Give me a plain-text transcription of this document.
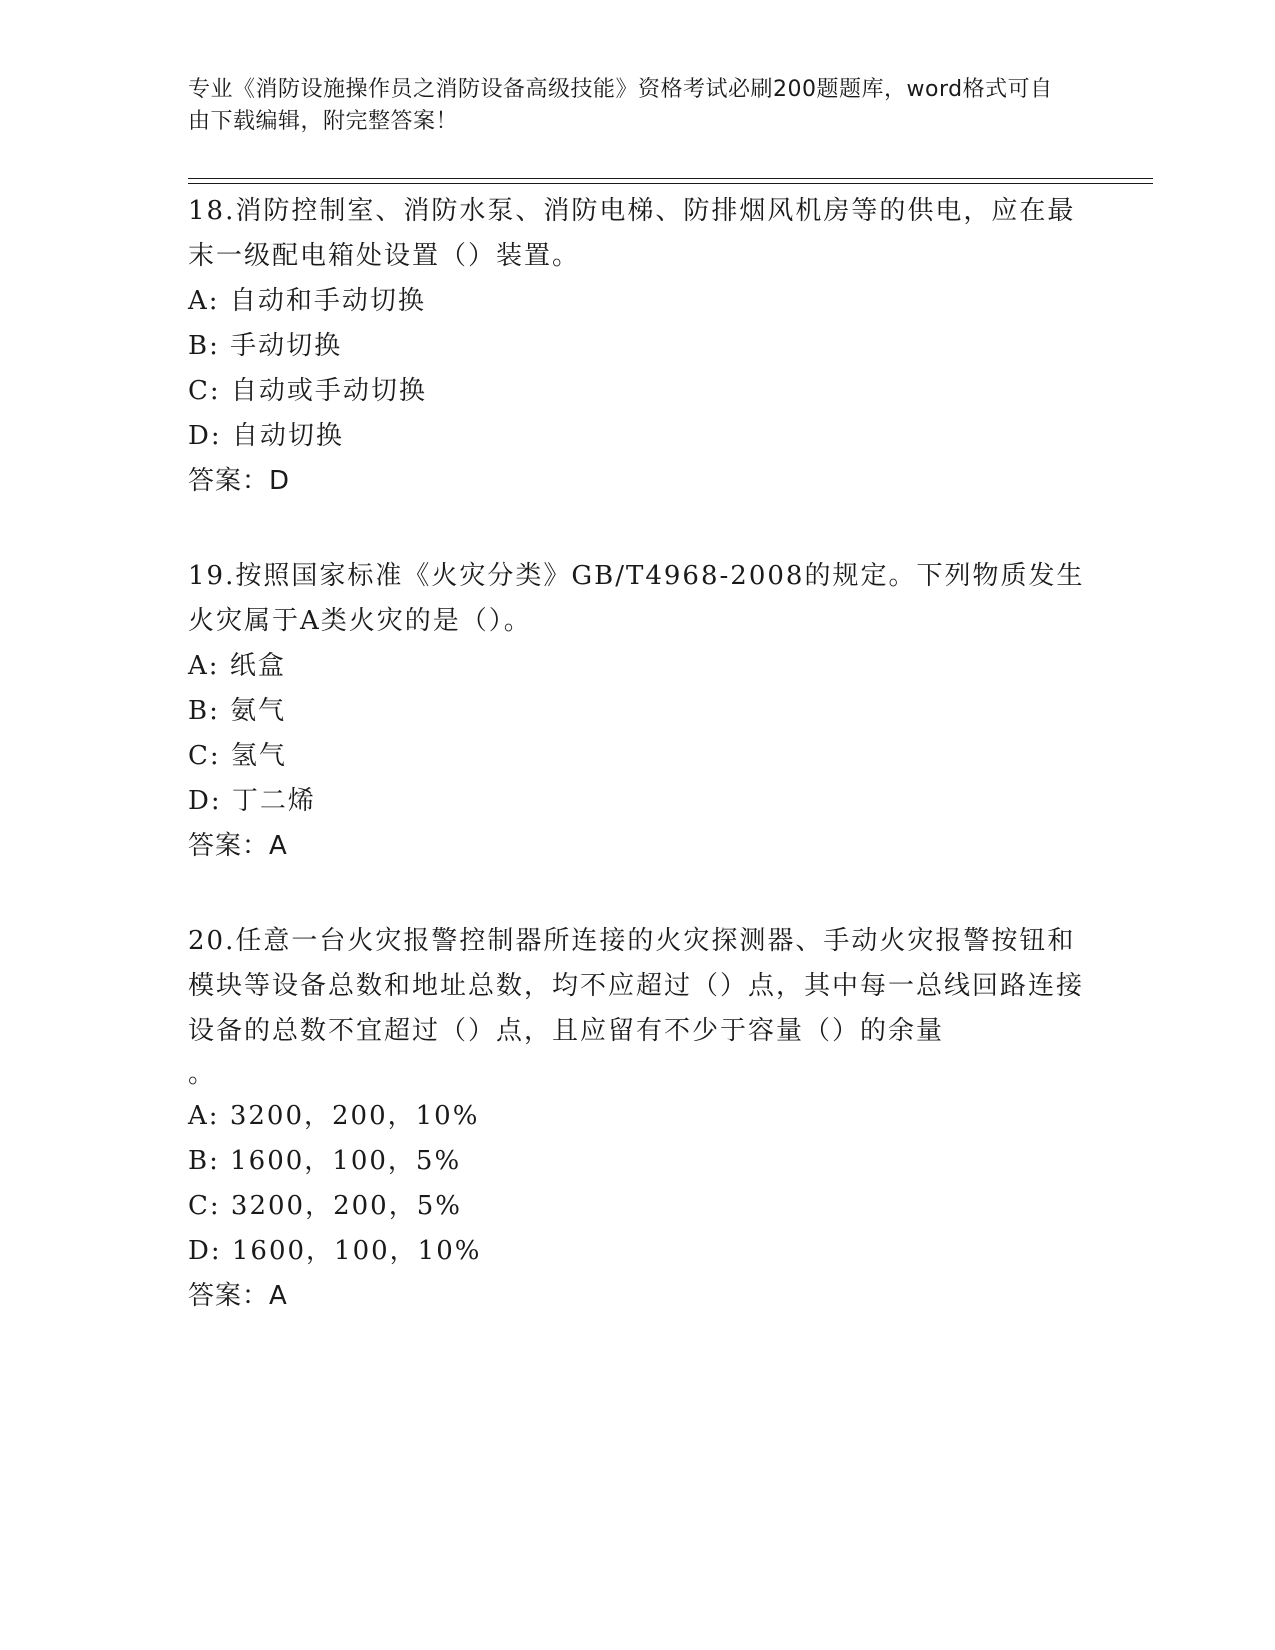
专业《消防设施操作员之消防设备高级技能》资格考试必刷200题题库，word格式可自由下载编辑，附完整答案！

18.消防控制室、消防水泵、消防电梯、防排烟风机房等的供电，应在最末一级配电箱处设置（）装置。
A: 自动和手动切换
B: 手动切换
C: 自动或手动切换
D: 自动切换
答案：D
19.按照国家标准《火灾分类》GB/T4968-2008的规定。下列物质发生火灾属于A类火灾的是（）。
A: 纸盒
B: 氨气
C: 氢气
D: 丁二烯
答案：A
20.任意一台火灾报警控制器所连接的火灾探测器、手动火灾报警按钮和模块等设备总数和地址总数，均不应超过（）点，其中每一总线回路连接设备的总数不宜超过（）点，且应留有不少于容量（）的余量
。
A: 3200，200，10%
B: 1600，100，5%
C: 3200，200，5%
D: 1600，100，10%
答案：A
